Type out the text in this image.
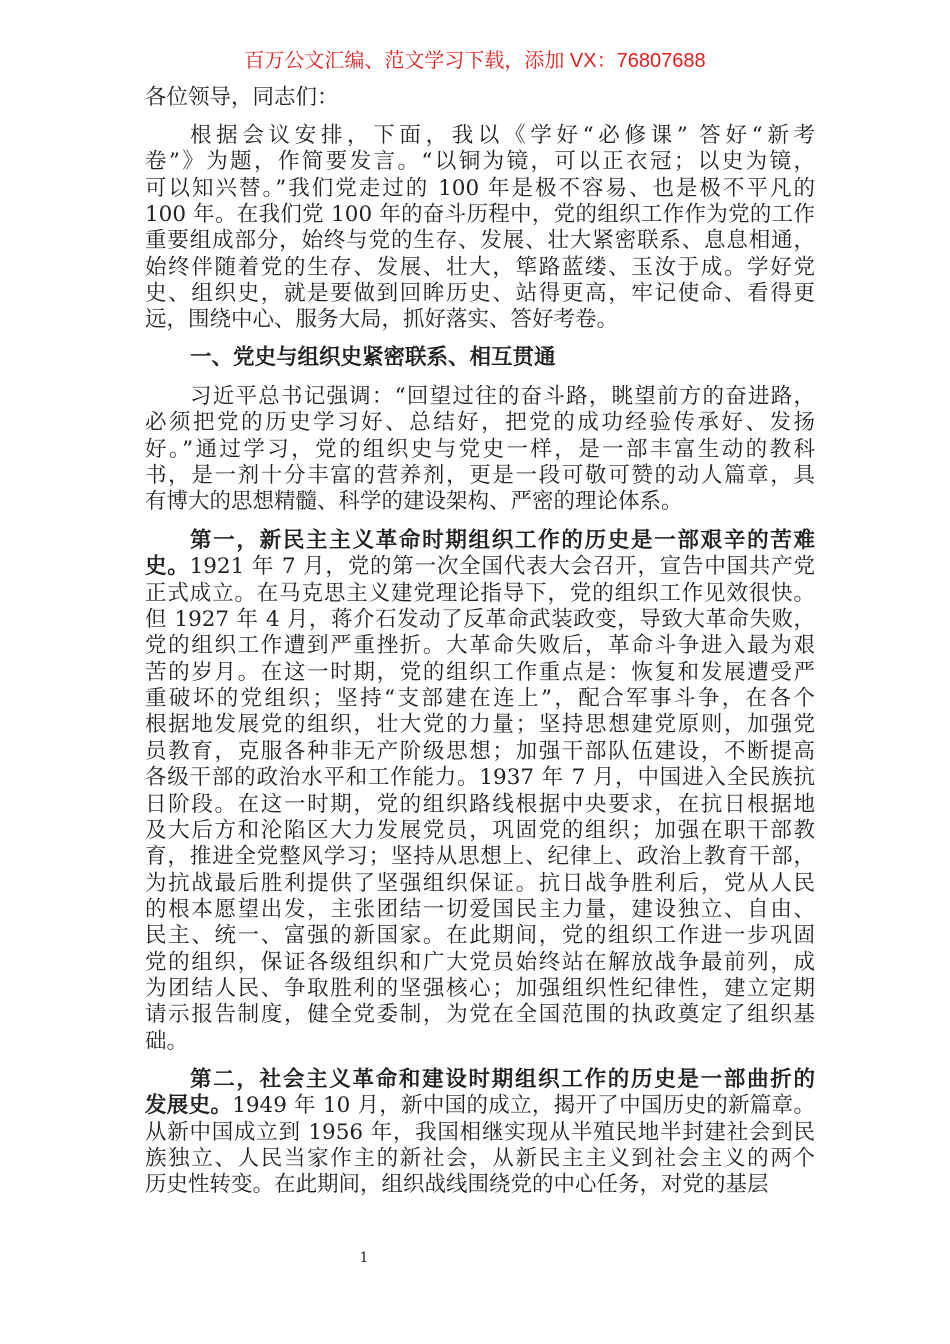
百万公文汇编、范文学习下载，添加 VX：76807688
各位领导，同志们：
一、党史与组织史紧密联系、相互贯通
根据会议安排，下面，我以《学好“必修课” 答好“新考
卷”》为题，作简要发言。“以铜为镜，可以正衣冠；以史为镜，
可以知兴替。”我们党走过的 100 年是极不容易、也是极不平凡的
100 年。在我们党 100 年的奋斗历程中，党的组织工作作为党的工作
重要组成部分，始终与党的生存、发展、壮大紧密联系、息息相通，
始终伴随着党的生存、发展、壮大，筚路蓝缕、玉汝于成。学好党
史、组织史，就是要做到回眸历史、站得更高，牢记使命、看得更
远，围绕中心、服务大局，抓好落实、答好考卷。
习近平总书记强调：“回望过往的奋斗路，眺望前方的奋进路，
必须把党的历史学习好、总结好，把党的成功经验传承好、发扬
好。”通过学习，党的组织史与党史一样，是一部丰富生动的教科
书，是一剂十分丰富的营养剂，更是一段可敬可赞的动人篇章，具
有博大的思想精髓、科学的建设架构、严密的理论体系。
第一，新民主主义革命时期组织工作的历史是一部艰辛的苦难
史。1921 年 7 月，党的第一次全国代表大会召开，宣告中国共产党
正式成立。在马克思主义建党理论指导下，党的组织工作见效很快。
但 1927 年 4 月，蒋介石发动了反革命武装政变，导致大革命失败，
党的组织工作遭到严重挫折。大革命失败后，革命斗争进入最为艰
苦的岁月。在这一时期，党的组织工作重点是：恢复和发展遭受严
重破坏的党组织；坚持“支部建在连上”，配合军事斗争，在各个
根据地发展党的组织，壮大党的力量；坚持思想建党原则，加强党
员教育，克服各种非无产阶级思想；加强干部队伍建设，不断提高
各级干部的政治水平和工作能力。1937 年 7 月，中国进入全民族抗
日阶段。在这一时期，党的组织路线根据中央要求，在抗日根据地
及大后方和沦陷区大力发展党员，巩固党的组织；加强在职干部教
育，推进全党整风学习；坚持从思想上、纪律上、政治上教育干部，
为抗战最后胜利提供了坚强组织保证。抗日战争胜利后，党从人民
的根本愿望出发，主张团结一切爱国民主力量，建设独立、自由、
民主、统一、富强的新国家。在此期间，党的组织工作进一步巩固
党的组织，保证各级组织和广大党员始终站在解放战争最前列，成
为团结人民、争取胜利的坚强核心；加强组织性纪律性，建立定期
请示报告制度，健全党委制，为党在全国范围的执政奠定了组织基
础。
第二，社会主义革命和建设时期组织工作的历史是一部曲折的
发展史。1949 年 10 月，新中国的成立，揭开了中国历史的新篇章。
从新中国成立到 1956 年，我国相继实现从半殖民地半封建社会到民
族独立、人民当家作主的新社会，从新民主主义到社会主义的两个
历史性转变。在此期间，组织战线围绕党的中心任务，对党的基层
1
